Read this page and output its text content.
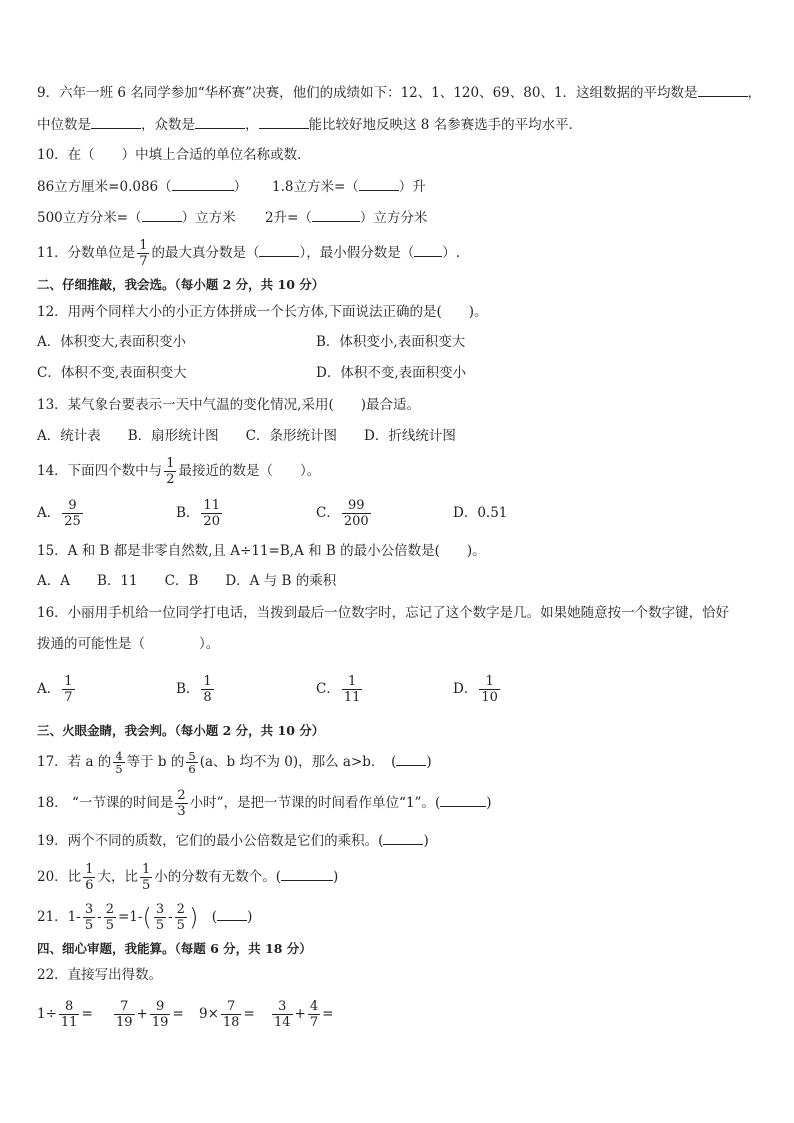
9．六年一班 6 名同学参加“华杯赛”决赛，他们的成绩如下：12、1、120、69、80、1．这组数据的平均数是	，
中位数是	，众数是	，	能比较好地反映这 8 名参赛选手的平均水平．
10．在（　　）中填上合适的单位名称或数．
86立方厘米=0.086（	） 1.8立方米=（	）升
500立方分米=（	）立方米 2升=（	）立方分米
11．分数单位是 $\frac{1}{7}$ 的最大真分数是（	），最小假分数是（ ）.
二、仔细推敲，我会选。（每小题 2 分，共 10 分）
12．用两个同样大小的小正方体拼成一个长方体,下面说法正确的是(　　)。
A．体积变大,表面积变小	B．体积变小,表面积变大
C．体积不变,表面积变大	D．体积不变,表面积变小
13．某气象台要表示一天中气温的变化情况,采用(　　)最合适。
A．统计表　　B．扇形统计图　　C．条形统计图　　D．折线统计图
14．下面四个数中与 $\frac{1}{2}$ 最接近的数是（　　）。
A． $\frac{9}{25}$	B． $\frac{11}{20}$	C． $\frac{99}{200}$	D．0.51
15．A 和 B 都是非零自然数,且 A÷11=B,A 和 B 的最小公倍数是(　　)。
A．A　　B．11　　C．B　　D．A 与 B 的乘积
16．小丽用手机给一位同学打电话，当拨到最后一位数字时，忘记了这个数字是几。如果她随意按一个数字键，恰好
拨通的可能性是（　　　　）。
A． $\frac{1}{7}$	B． $\frac{1}{8}$	C． $\frac{1}{11}$	D． $\frac{1}{10}$
三、火眼金睛，我会判。（每小题 2 分，共 10 分）
17．若 a 的 $\frac{4}{5}$ 等于 b 的 $\frac{5}{6} (a$、b 均不为 0)，那么 a>b．　( )
18． “一节课的时间是 $\frac{2}{3}$ 小时”，是把一节课的时间看作单位“1”。(	)
19．两个不同的质数，它们的最小公倍数是它们的乘积。(	)
20．比 $\frac{1}{6}$ 大，比 $\frac{1}{5}$ 小的分数有无数个。(	)
21．$1- \frac{3}{5} - \frac{2}{5} =1-( \frac{3}{5} - \frac{2}{5}$ )　( )
四、细心审题，我能算。（每题 6 分，共 18 分）
22．直接写出得数。
$1\div \frac{8}{11} = \frac{7}{19} + \frac{9}{19} = 9\times \frac{7}{18} = \frac{3}{14} + \frac{4}{7}$ =
